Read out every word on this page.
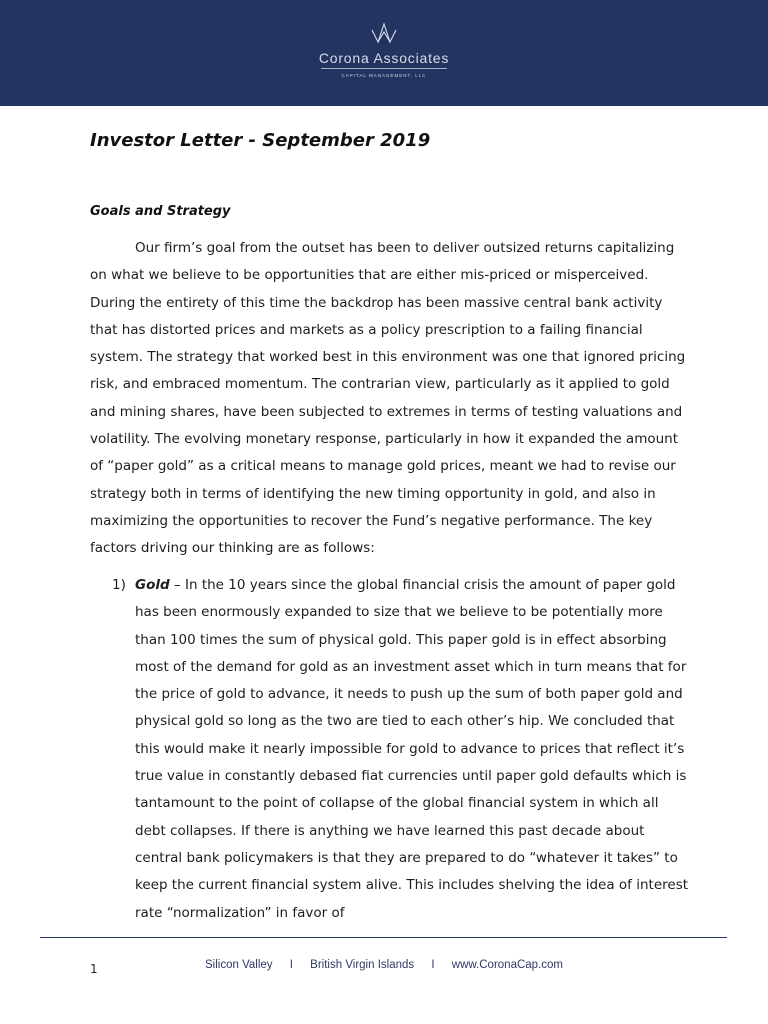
Corona Associates
CAPITAL MANAGEMENT, LLC
Investor Letter - September 2019
Goals and Strategy

Our firm’s goal from the outset has been to deliver outsized returns capitalizing on what we believe to be opportunities that are either mis-priced or misperceived. During the entirety of this time the backdrop has been massive central bank activity that has distorted prices and markets as a policy prescription to a failing financial system. The strategy that worked best in this environment was one that ignored pricing risk, and embraced momentum. The contrarian view, particularly as it applied to gold and mining shares, have been subjected to extremes in terms of testing valuations and volatility. The evolving monetary response, particularly in how it expanded the amount of “paper gold” as a critical means to manage gold prices, meant we had to revise our strategy both in terms of identifying the new timing opportunity in gold, and also in maximizing the opportunities to recover the Fund’s negative performance. The key factors driving our thinking are as follows:

1) Gold – In the 10 years since the global financial crisis the amount of paper gold has been enormously expanded to size that we believe to be potentially more than 100 times the sum of physical gold. This paper gold is in effect absorbing most of the demand for gold as an investment asset which in turn means that for the price of gold to advance, it needs to push up the sum of both paper gold and physical gold so long as the two are tied to each other’s hip. We concluded that this would make it nearly impossible for gold to advance to prices that reflect it’s true value in constantly debased fiat currencies until paper gold defaults which is tantamount to the point of collapse of the global financial system in which all debt collapses. If there is anything we have learned this past decade about central bank policymakers is that they are prepared to do “whatever it takes” to keep the current financial system alive. This includes shelving the idea of interest rate “normalization” in favor of

1	Silicon Valley I British Virgin Islands I www.CoronaCap.com
